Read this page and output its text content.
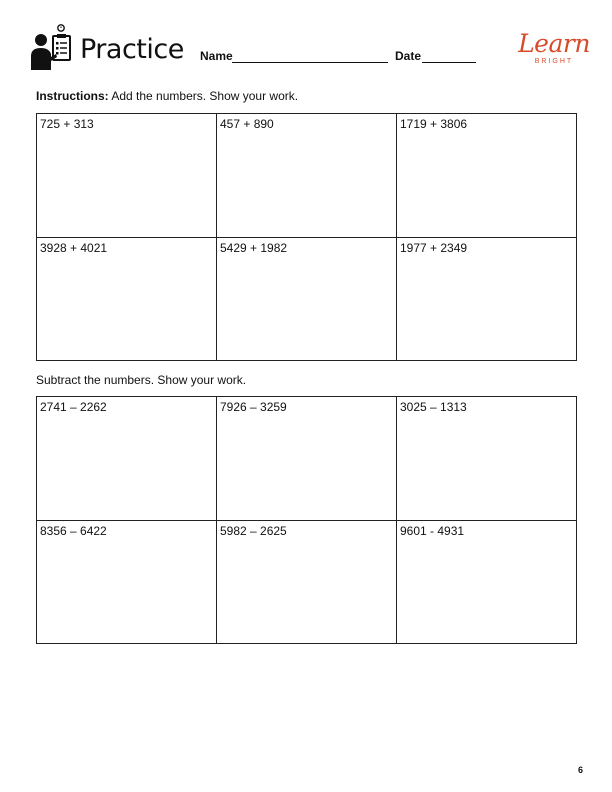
Practice Name	Date	Learn
BRIGHT
Instructions: Add the numbers. Show your work.
725 + 313	457 + 890	1719 + 3806
3928 + 4021	5429 + 1982	1977 + 2349
Subtract the numbers. Show your work.
2741 – 2262	7926 – 3259	3025 – 1313
8356 – 6422	5982 – 2625	9601 - 4931
6
